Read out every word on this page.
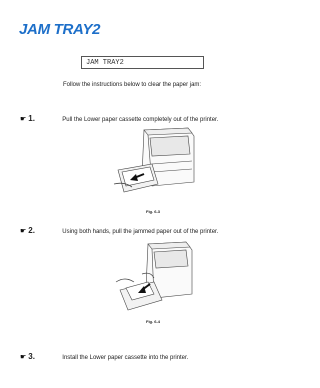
JAM TRAY2
JAM TRAY2
Follow the instructions below to clear the paper jam:
☛ 1.	Pull the Lower paper cassette completely out of the printer.
Fig. 6-3
☛ 2.	Using both hands, pull the jammed paper out of the printer.
Fig. 6-4
☛ 3.	Install the Lower paper cassette into the printer.
